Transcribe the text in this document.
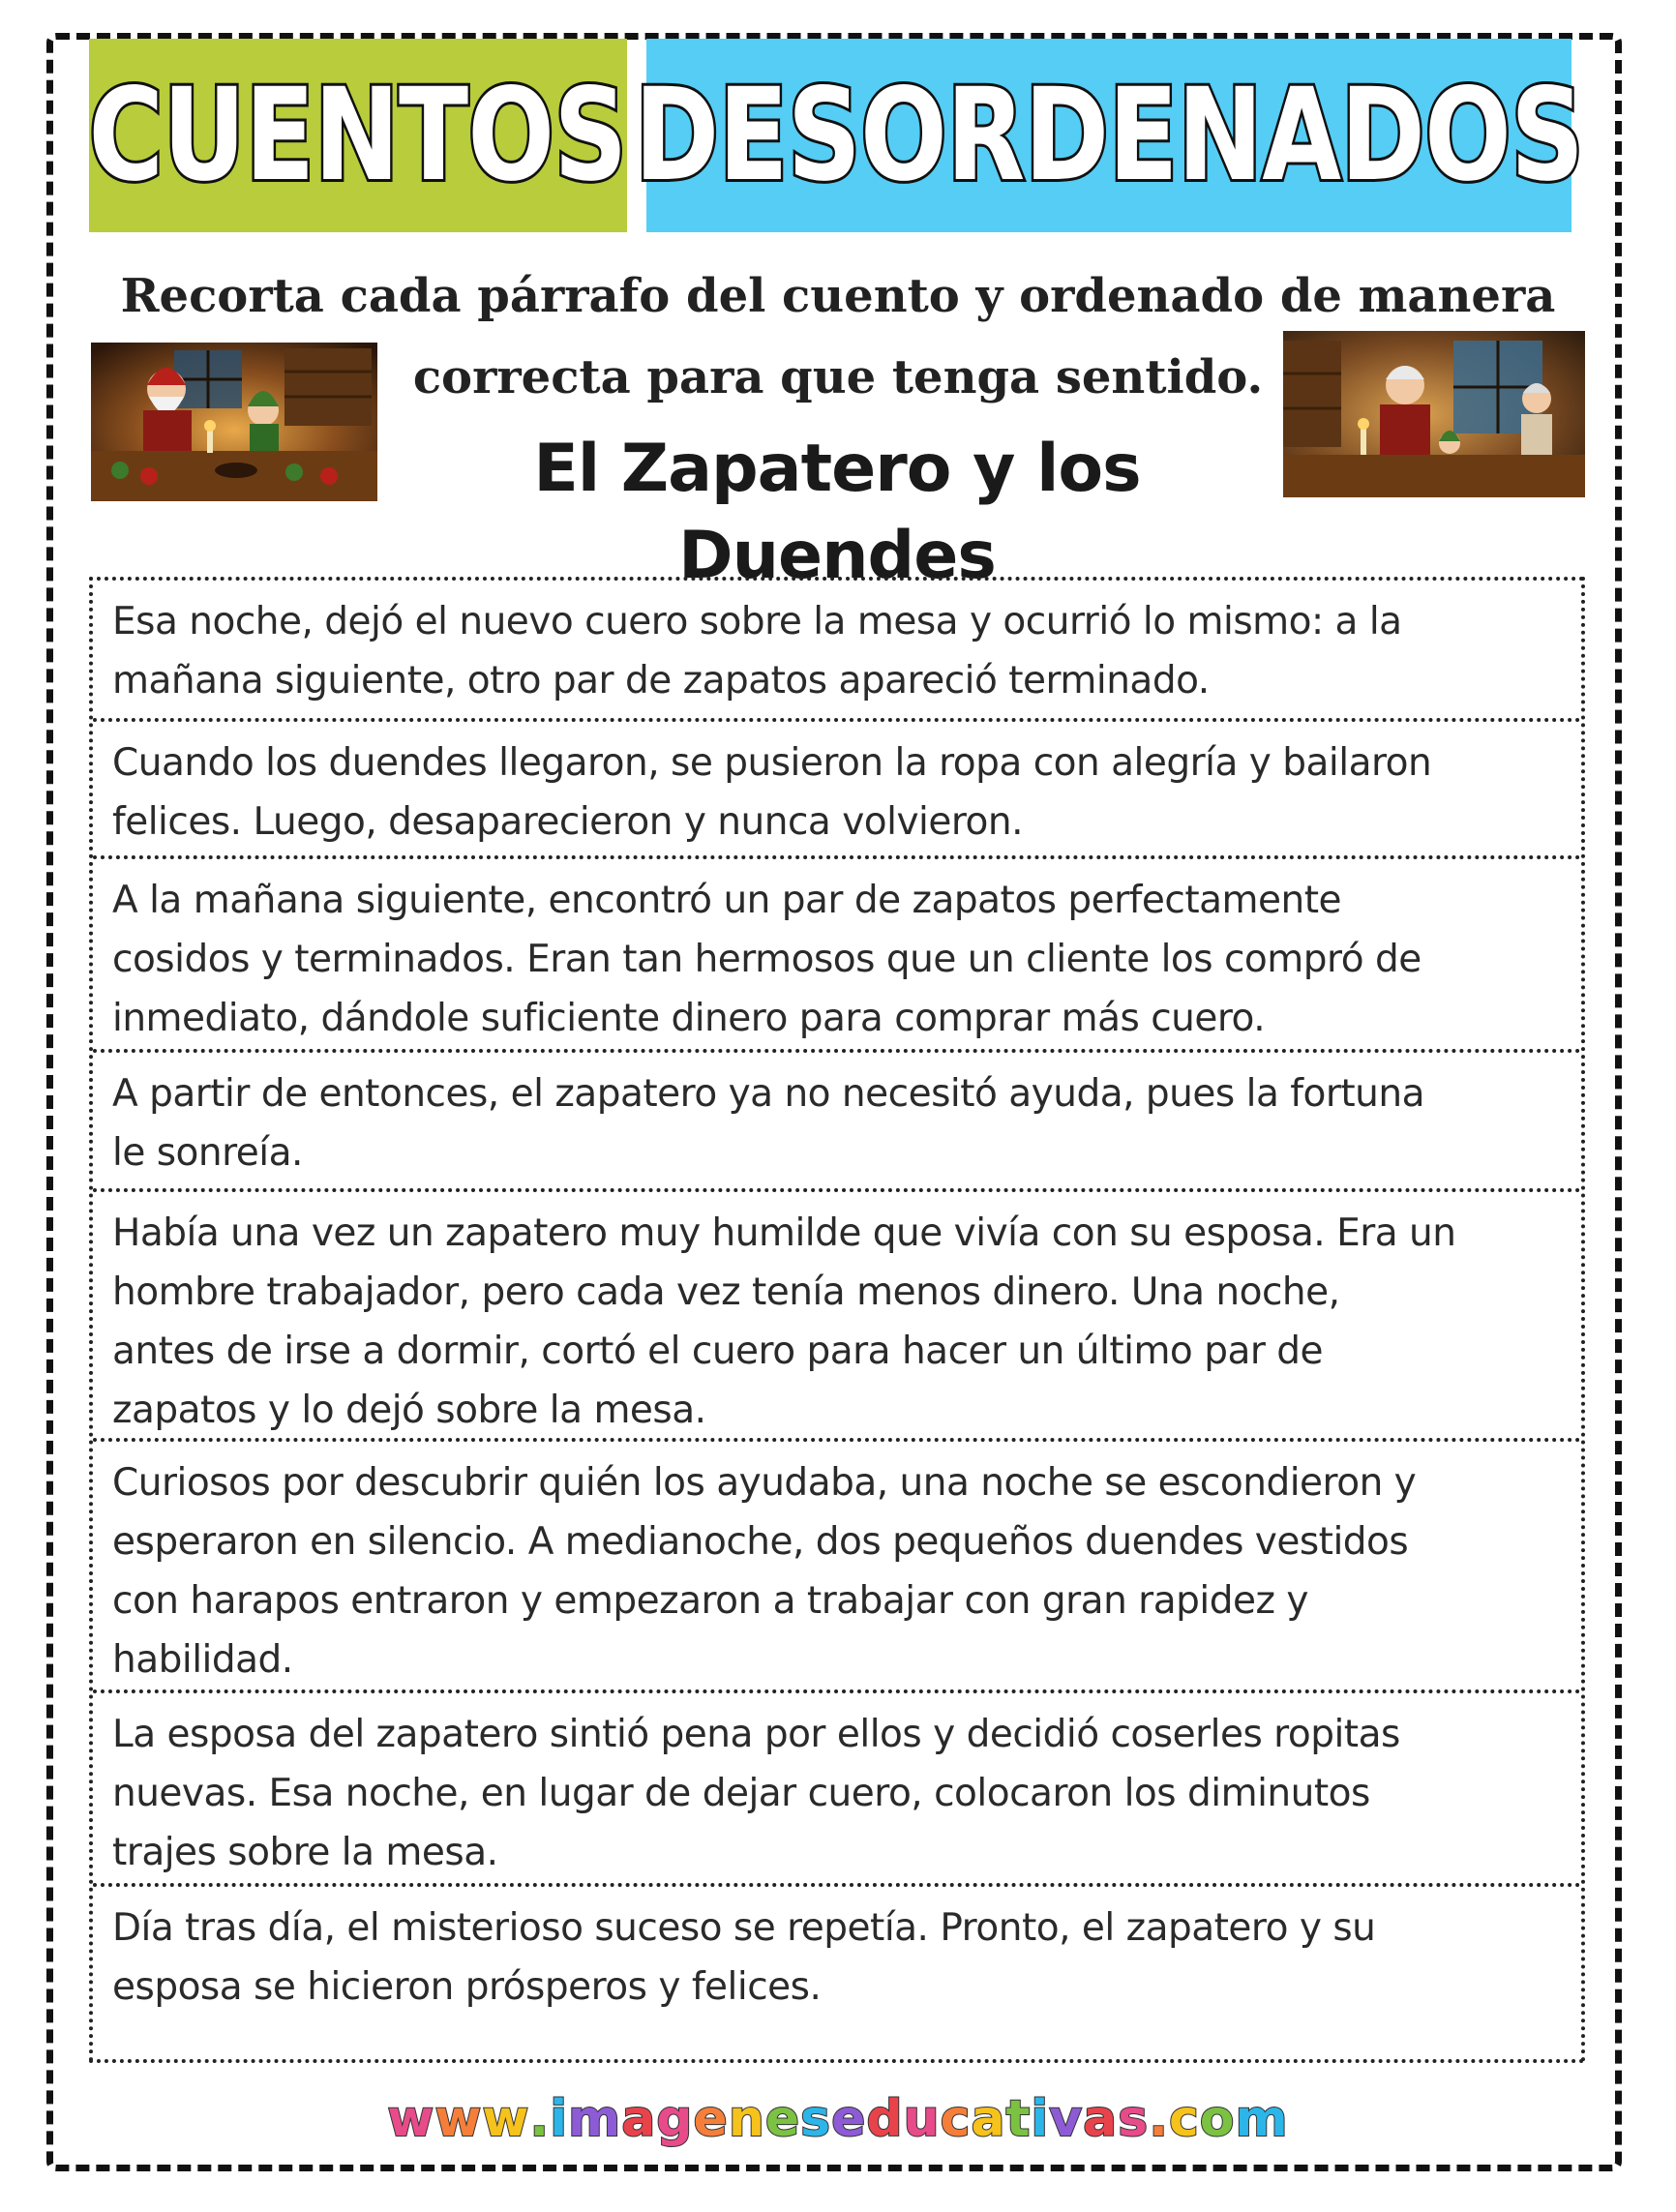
CUENTOS DESORDENADOS
Recorta cada párrafo del cuento y ordenado de manera
correcta para que tenga sentido.
El Zapatero y los Duendes

Esa noche, dejó el nuevo cuero sobre la mesa y ocurrió lo mismo: a la

mañana siguiente, otro par de zapatos apareció terminado.

Cuando los duendes llegaron, se pusieron la ropa con alegría y bailaron

felices. Luego, desaparecieron y nunca volvieron.

A la mañana siguiente, encontró un par de zapatos perfectamente

cosidos y terminados. Eran tan hermosos que un cliente los compró de

inmediato, dándole suficiente dinero para comprar más cuero.

A partir de entonces, el zapatero ya no necesitó ayuda, pues la fortuna

le sonreía.

Había una vez un zapatero muy humilde que vivía con su esposa. Era un

hombre trabajador, pero cada vez tenía menos dinero. Una noche,

antes de irse a dormir, cortó el cuero para hacer un último par de

zapatos y lo dejó sobre la mesa.

Curiosos por descubrir quién los ayudaba, una noche se escondieron y

esperaron en silencio. A medianoche, dos pequeños duendes vestidos

con harapos entraron y empezaron a trabajar con gran rapidez y

habilidad.

La esposa del zapatero sintió pena por ellos y decidió coserles ropitas

nuevas. Esa noche, en lugar de dejar cuero, colocaron los diminutos

trajes sobre la mesa.

Día tras día, el misterioso suceso se repetía. Pronto, el zapatero y su

esposa se hicieron prósperos y felices.

www.imageneseducativas.com
